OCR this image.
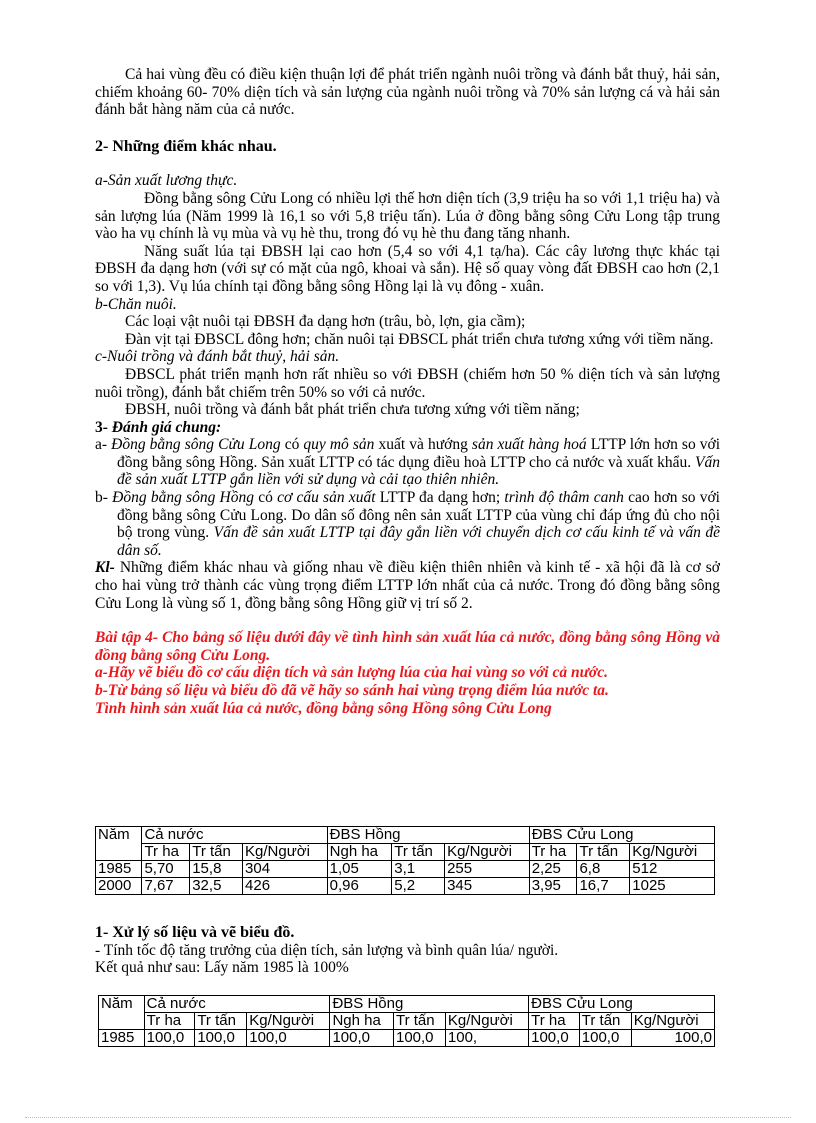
Cả hai vùng đều có điều kiện thuận lợi để phát triển ngành nuôi trồng và đánh bắt thuỷ, hải sản, chiếm khoảng 60- 70% diện tích và sản lượng của ngành nuôi trồng và 70% sản lượng cá và hải sản đánh bắt hàng năm của cả nước.

2- Những điểm khác nhau.

a-Sản xuất lương thực.

Đồng bằng sông Cửu Long có nhiều lợi thế hơn diện tích (3,9 triệu ha so với 1,1 triệu ha) và sản lượng lúa (Năm 1999 là 16,1 so với 5,8 triệu tấn). Lúa ở đồng bằng sông Cửu Long tập trung vào ha vụ chính là vụ mùa và vụ hè thu, trong đó vụ hè thu đang tăng nhanh.

Năng suất lúa tại ĐBSH lại cao hơn (5,4 so với 4,1 tạ/ha). Các cây lương thực khác tại ĐBSH đa dạng hơn (với sự có mặt của ngô, khoai và sắn). Hệ số quay vòng đất ĐBSH cao hơn (2,1 so với 1,3). Vụ lúa chính tại đồng bằng sông Hồng lại là vụ đông - xuân.

b-Chăn nuôi.

Các loại vật nuôi tại ĐBSH đa dạng hơn (trâu, bò, lợn, gia cầm);

Đàn vịt tại ĐBSCL đông hơn; chăn nuôi tại ĐBSCL phát triển chưa tương xứng với tiềm năng.

c-Nuôi trồng và đánh bắt thuỷ, hải sản.

ĐBSCL phát triển mạnh hơn rất nhiều so với ĐBSH (chiếm hơn 50 % diện tích và sản lượng nuôi trồng), đánh bắt chiếm trên 50% so với cả nước.

ĐBSH, nuôi trồng và đánh bắt phát triển chưa tương xứng với tiềm năng;

3- Đánh giá chung:

a- Đồng bằng sông Cửu Long có quy mô sản xuất và hướng sản xuất hàng hoá LTTP lớn hơn so với đồng bằng sông Hồng. Sản xuất LTTP có tác dụng điều hoà LTTP cho cả nước và xuất khẩu. Vấn đề sản xuất LTTP gắn liền với sử dụng và cải tạo thiên nhiên.

b- Đồng bằng sông Hồng có cơ cấu sản xuất LTTP đa dạng hơn; trình độ thâm canh cao hơn so với đồng bằng sông Cửu Long. Do dân số đông nên sản xuất LTTP của vùng chỉ đáp ứng đủ cho nội bộ trong vùng. Vấn đề sản xuất LTTP tại đây gắn liền với chuyển dịch cơ cấu kinh tế và vấn đề dân số.

Kl- Những điểm khác nhau và giống nhau về điều kiện thiên nhiên và kinh tế - xã hội đã là cơ sở cho hai vùng trở thành các vùng trọng điểm LTTP lớn nhất của cả nước. Trong đó đồng bằng sông Cửu Long là vùng số 1, đồng bằng sông Hồng giữ vị trí số 2.

Bài tập 4- Cho bảng số liệu dưới đây về tình hình sản xuất lúa cả nước, đồng bằng sông Hồng và đồng bằng sông Cửu Long.

a-Hãy vẽ biểu đồ cơ cấu diện tích và sản lượng lúa của hai vùng so với cả nước.

b-Từ bảng số liệu và biểu đồ đã vẽ hãy so sánh hai vùng trọng điểm lúa nước ta.

Tình hình sản xuất lúa cả nước, đồng bằng sông Hồng sông Cửu Long

Năm	Cả nước			ĐBS Hồng			ĐBS Cửu Long		
	Tr ha	Tr tấn	Kg/Người	Ngh ha	Tr tấn	Kg/Người	Tr ha	Tr tấn	Kg/Người
1985	5,70	15,8	304	1,05	3,1	255	2,25	6,8	512
2000	7,67	32,5	426	0,96	5,2	345	3,95	16,7	1025

1- Xử lý số liệu và vẽ biểu đồ.

- Tính tốc độ tăng trưởng của diện tích, sản lượng và bình quân lúa/ người.

Kết quả như sau: Lấy năm 1985 là 100%

Năm	Cả nước			ĐBS Hồng			ĐBS Cửu Long		
	Tr ha	Tr tấn	Kg/Người	Ngh ha	Tr tấn	Kg/Người	Tr ha	Tr tấn	Kg/Người
1985	100,0	100,0	100,0	100,0	100,0	100,	100,0	100,0	100,0
